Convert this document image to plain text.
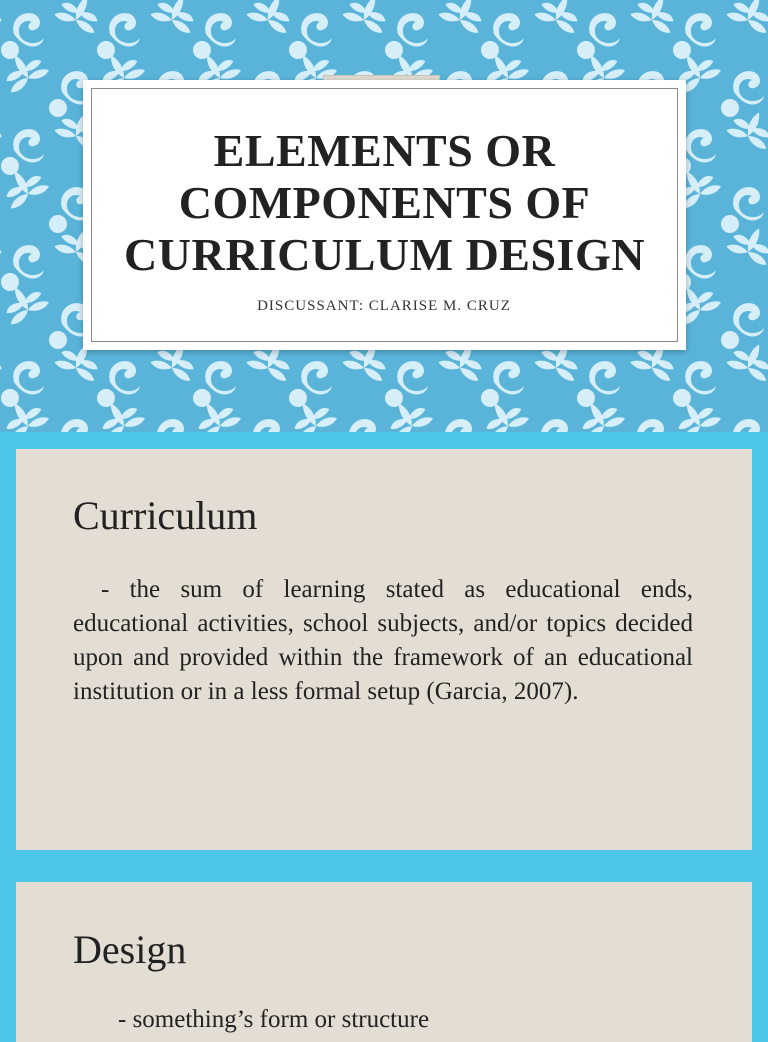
ELEMENTS OR
COMPONENTS OF
CURRICULUM DESIGN
DISCUSSANT: CLARISE M. CRUZ
Curriculum
- the sum of learning stated as educational ends, educational activities, school subjects, and/or topics decided upon and provided within the framework of an educational institution or in a less formal setup (Garcia, 2007).
Design
- something’s form or structure
